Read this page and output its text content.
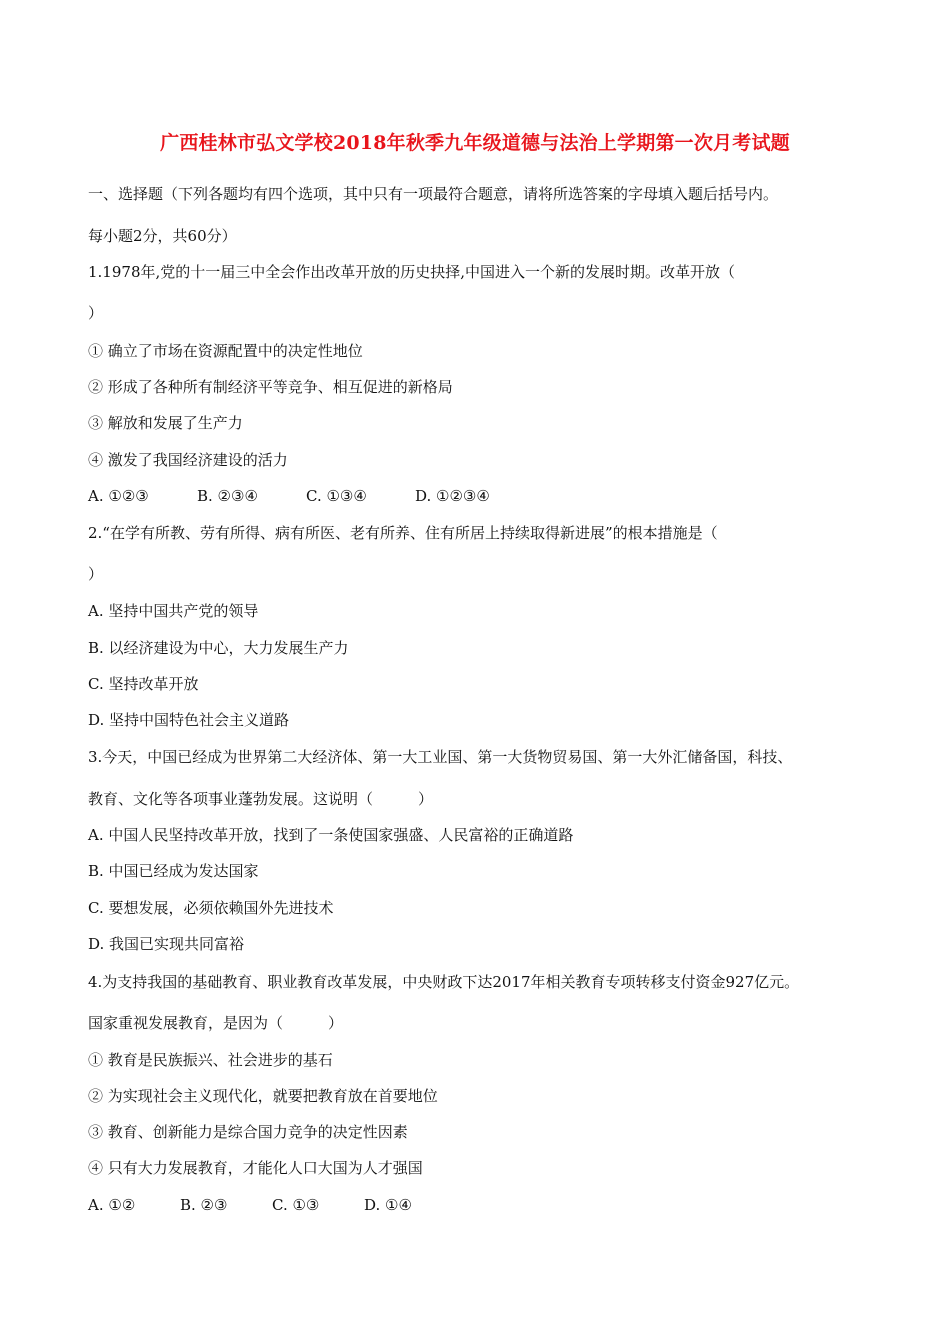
广西桂林市弘文学校2018年秋季九年级道德与法治上学期第一次月考试题
一、选择题（下列各题均有四个选项，其中只有一项最符合题意，请将所选答案的字母填入题后括号内。
每小题2分，共60分）
1.1978年,党的十一届三中全会作出改革开放的历史抉择,中国进入一个新的发展时期。改革开放（
）
① 确立了市场在资源配置中的决定性地位
② 形成了各种所有制经济平等竞争、相互促进的新格局
③ 解放和发展了生产力
④ 激发了我国经济建设的活力
A. ①②③	B. ②③④	C. ①③④	D. ①②③④
2.“在学有所教、劳有所得、病有所医、老有所养、住有所居上持续取得新进展”的根本措施是（
）
A. 坚持中国共产党的领导
B. 以经济建设为中心，大力发展生产力
C. 坚持改革开放
D. 坚持中国特色社会主义道路
3.今天，中国已经成为世界第二大经济体、第一大工业国、第一大货物贸易国、第一大外汇储备国，科技、
教育、文化等各项事业蓬勃发展。这说明（　　　）
A. 中国人民坚持改革开放，找到了一条使国家强盛、人民富裕的正确道路
B. 中国已经成为发达国家
C. 要想发展，必须依赖国外先进技术
D. 我国已实现共同富裕
4.为支持我国的基础教育、职业教育改革发展，中央财政下达2017年相关教育专项转移支付资金927亿元。
国家重视发展教育，是因为（　　　）
① 教育是民族振兴、社会进步的基石
② 为实现社会主义现代化，就要把教育放在首要地位
③ 教育、创新能力是综合国力竞争的决定性因素
④ 只有大力发展教育，才能化人口大国为人才强国
A. ①②	B. ②③	C. ①③	D. ①④
